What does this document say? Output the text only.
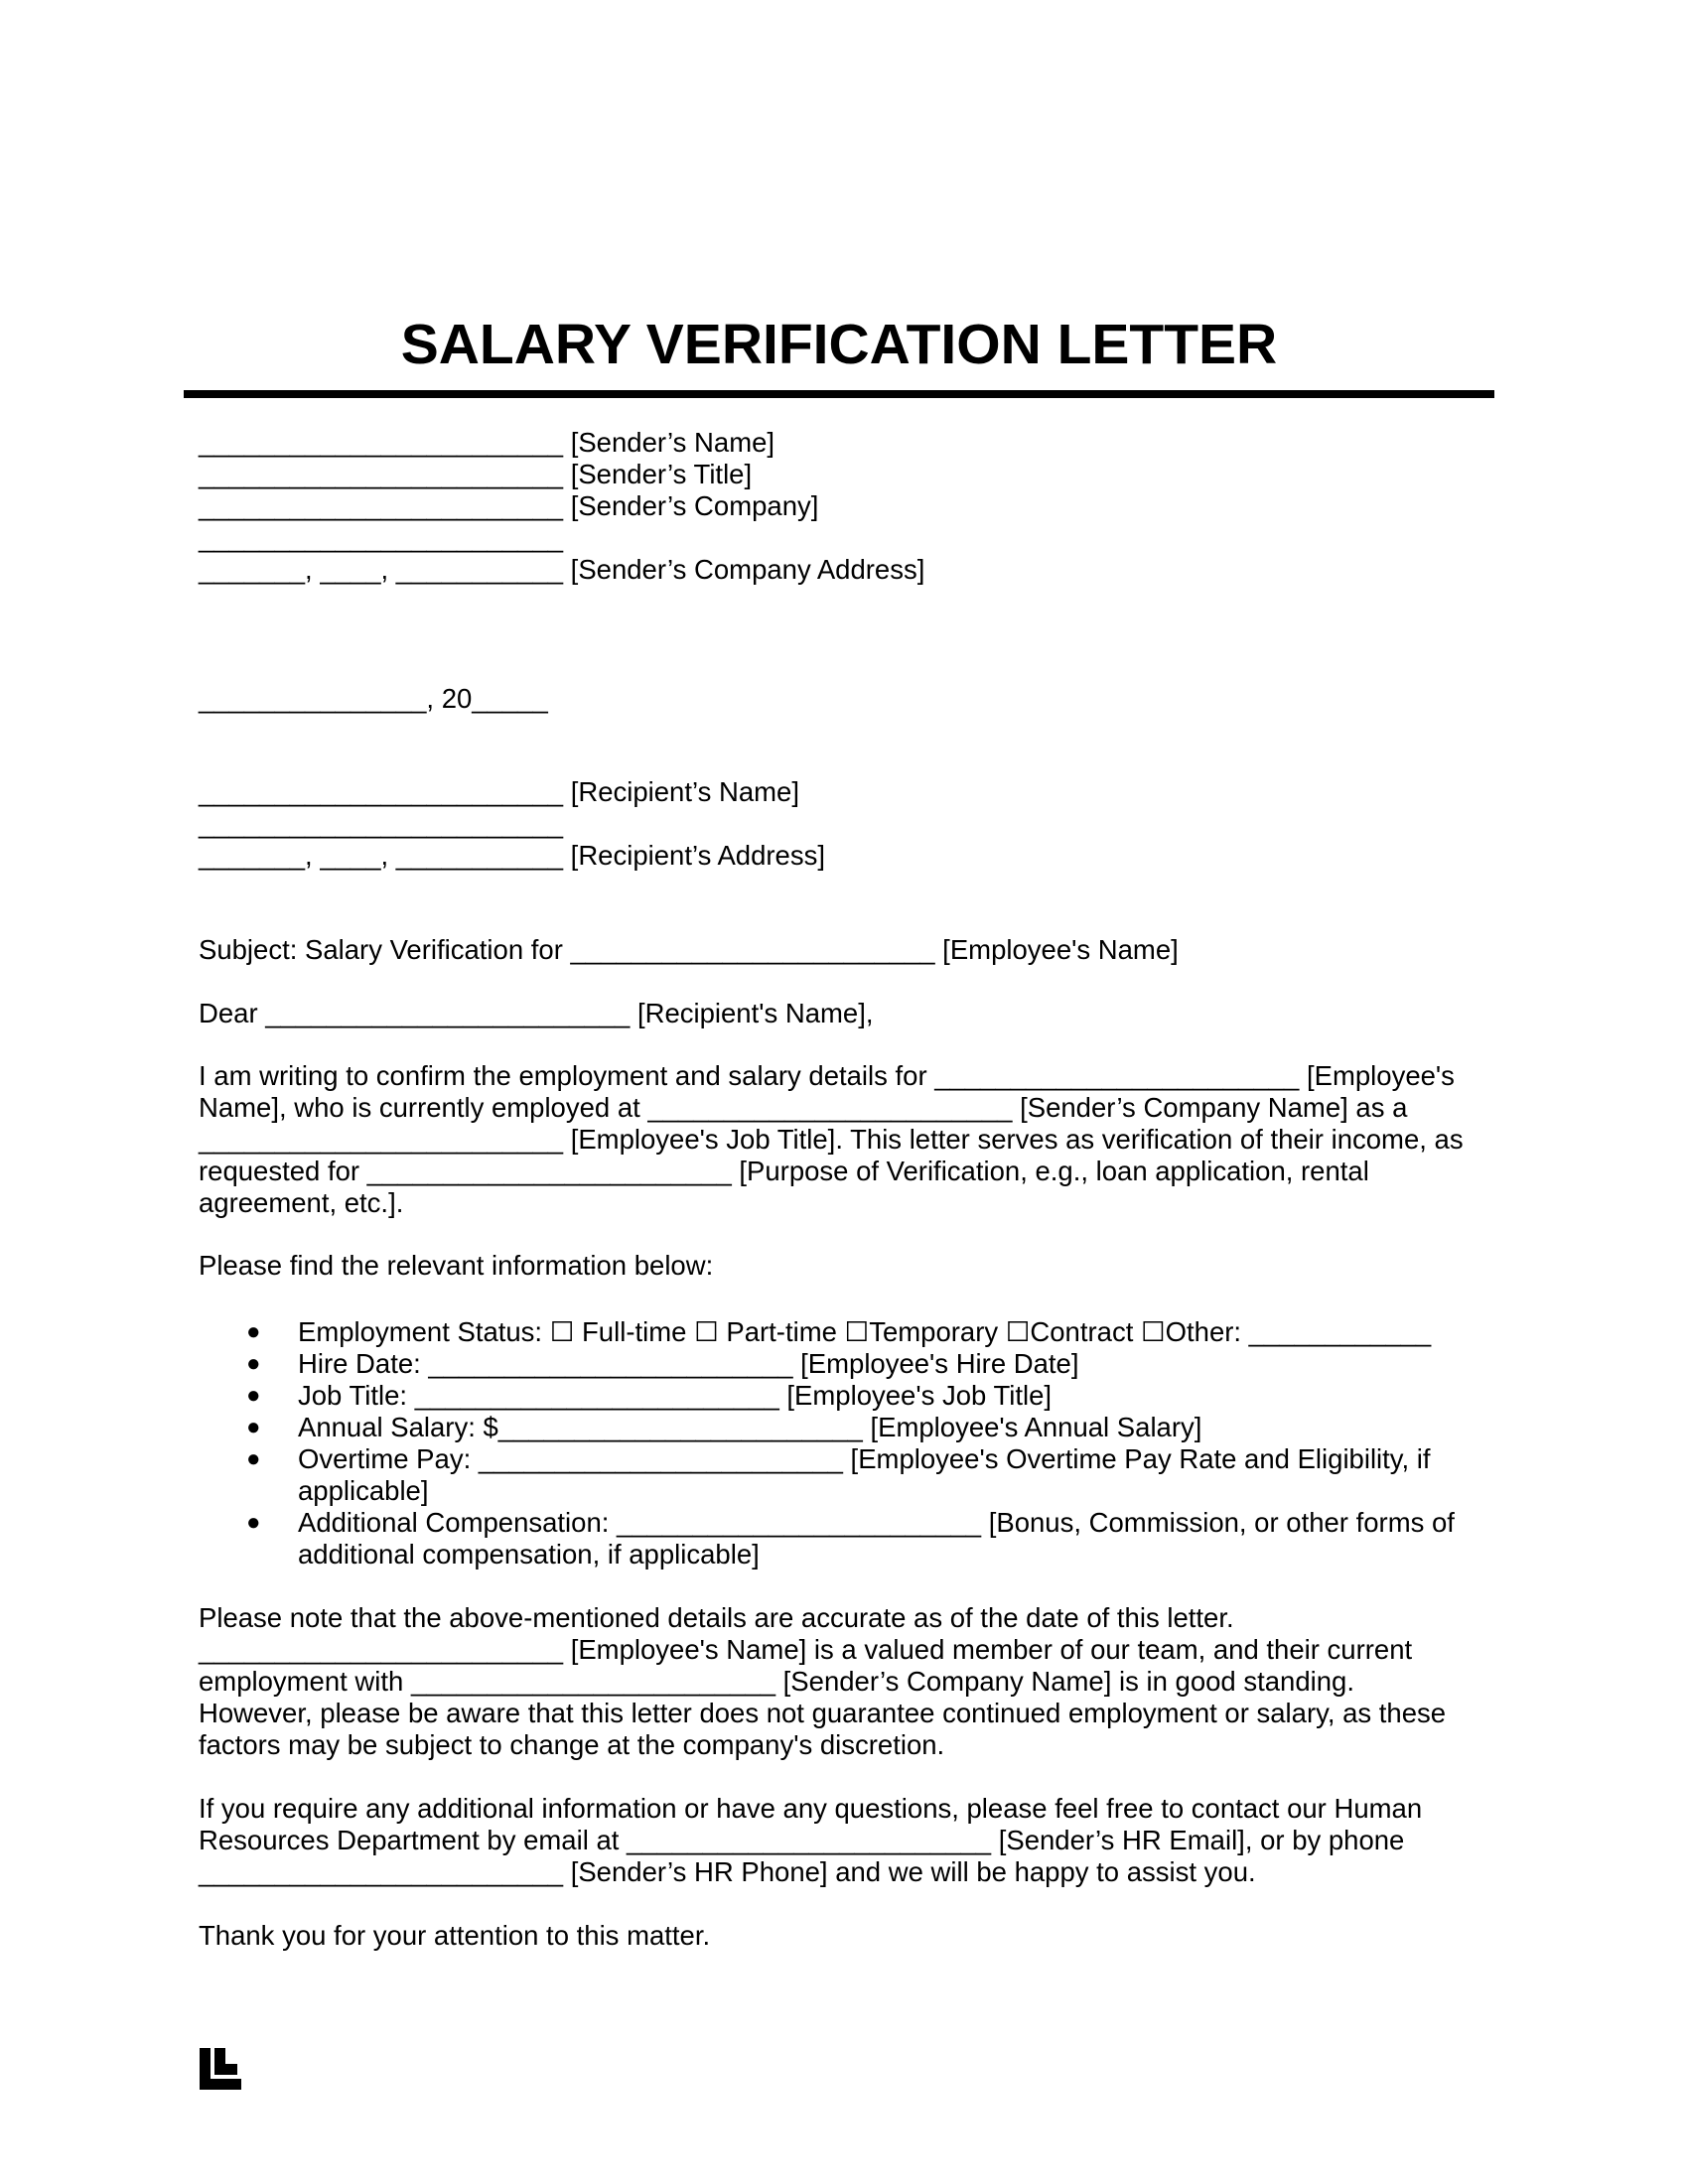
SALARY VERIFICATION LETTER
________________________ [Sender’s Name]
________________________ [Sender’s Title]
________________________ [Sender’s Company]
________________________
_______, ____, ___________ [Sender’s Company Address]
_______________, 20_____
________________________ [Recipient’s Name]
________________________
_______, ____, ___________ [Recipient’s Address]
Subject: Salary Verification for ________________________ [Employee's Name]
Dear ________________________ [Recipient's Name],
I am writing to confirm the employment and salary details for ________________________ [Employee's
Name], who is currently employed at ________________________ [Sender’s Company Name] as a
________________________ [Employee's Job Title]. This letter serves as verification of their income, as
requested for ________________________ [Purpose of Verification, e.g., loan application, rental
agreement, etc.].
Please find the relevant information below:
● Employment Status: ☐ Full-time ☐ Part-time ☐Temporary ☐Contract ☐Other: ____________
● Hire Date: ________________________ [Employee's Hire Date]
● Job Title: ________________________ [Employee's Job Title]
● Annual Salary: $________________________ [Employee's Annual Salary]
● Overtime Pay: ________________________ [Employee's Overtime Pay Rate and Eligibility, if
applicable]
● Additional Compensation: ________________________ [Bonus, Commission, or other forms of
additional compensation, if applicable]
Please note that the above-mentioned details are accurate as of the date of this letter.
________________________ [Employee's Name] is a valued member of our team, and their current
employment with ________________________ [Sender’s Company Name] is in good standing.
However, please be aware that this letter does not guarantee continued employment or salary, as these
factors may be subject to change at the company's discretion.
If you require any additional information or have any questions, please feel free to contact our Human
Resources Department by email at ________________________ [Sender’s HR Email], or by phone
________________________ [Sender’s HR Phone] and we will be happy to assist you.
Thank you for your attention to this matter.
